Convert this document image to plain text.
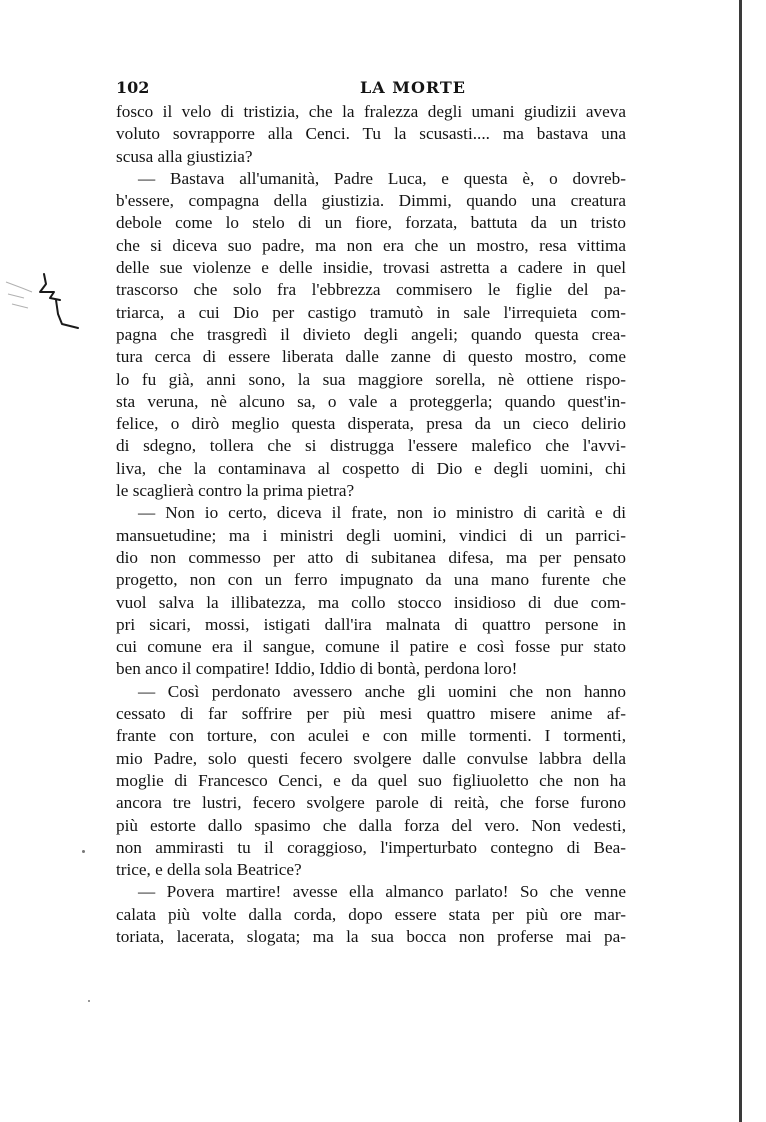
102	LA MORTE
fosco il velo di tristizia, che la fralezza degli umani giudizii aveva
voluto sovrapporre alla Cenci. Tu la scusasti.... ma bastava una
scusa alla giustizia?
— Bastava all'umanità, Padre Luca, e questa è, o dovreb-
b'essere, compagna della giustizia. Dimmi, quando una creatura
debole come lo stelo di un fiore, forzata, battuta da un tristo
che si diceva suo padre, ma non era che un mostro, resa vittima
delle sue violenze e delle insidie, trovasi astretta a cadere in quel
trascorso che solo fra l'ebbrezza commisero le figlie del pa-
triarca, a cui Dio per castigo tramutò in sale l'irrequieta com-
pagna che trasgredì il divieto degli angeli; quando questa crea-
tura cerca di essere liberata dalle zanne di questo mostro, come
lo fu già, anni sono, la sua maggiore sorella, nè ottiene rispo-
sta veruna, nè alcuno sa, o vale a proteggerla; quando quest'in-
felice, o dirò meglio questa disperata, presa da un cieco delirio
di sdegno, tollera che si distrugga l'essere malefico che l'avvi-
liva, che la contaminava al cospetto di Dio e degli uomini, chi
le scaglierà contro la prima pietra?
— Non io certo, diceva il frate, non io ministro di carità e di
mansuetudine; ma i ministri degli uomini, vindici di un parrici-
dio non commesso per atto di subitanea difesa, ma per pensato
progetto, non con un ferro impugnato da una mano furente che
vuol salva la illibatezza, ma collo stocco insidioso di due com-
pri sicari, mossi, istigati dall'ira malnata di quattro persone in
cui comune era il sangue, comune il patire e così fosse pur stato
ben anco il compatire! Iddio, Iddio di bontà, perdona loro!
— Così perdonato avessero anche gli uomini che non hanno
cessato di far soffrire per più mesi quattro misere anime af-
frante con torture, con aculei e con mille tormenti. I tormenti,
mio Padre, solo questi fecero svolgere dalle convulse labbra della
moglie di Francesco Cenci, e da quel suo figliuoletto che non ha
ancora tre lustri, fecero svolgere parole di reità, che forse furono
più estorte dallo spasimo che dalla forza del vero. Non vedesti,
non ammirasti tu il coraggioso, l'imperturbato contegno di Bea-
trice, e della sola Beatrice?
— Povera martire! avesse ella almanco parlato! So che venne
calata più volte dalla corda, dopo essere stata per più ore mar-
toriata, lacerata, slogata; ma la sua bocca non proferse mai pa-
